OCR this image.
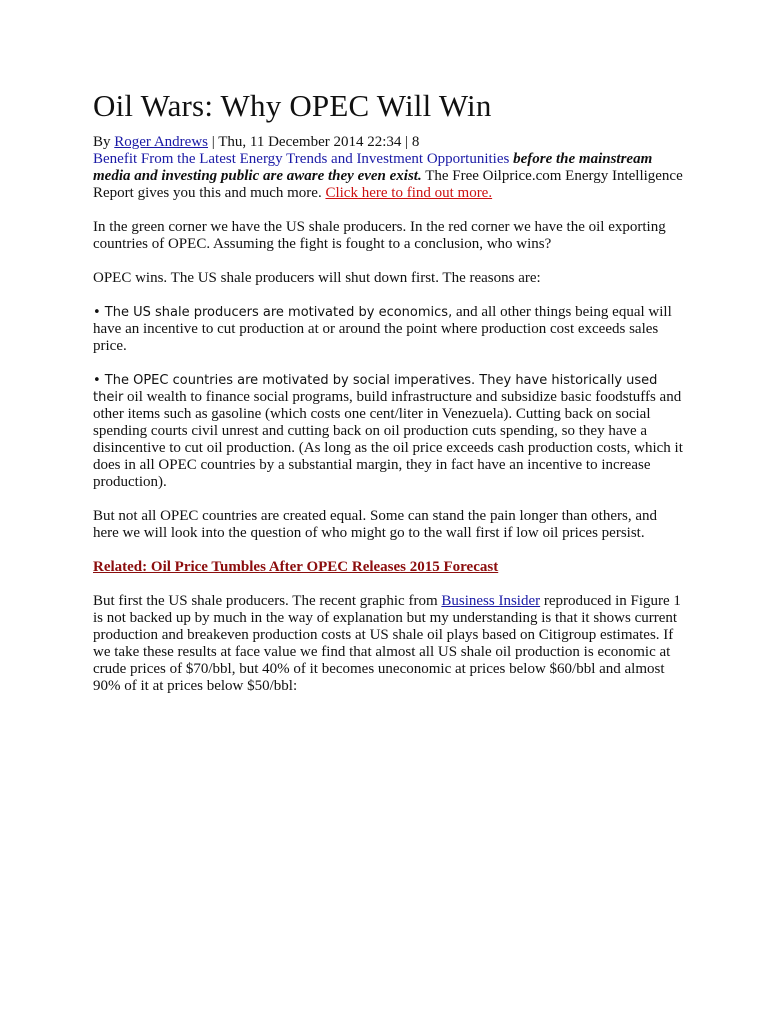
Oil Wars: Why OPEC Will Win
By Roger Andrews | Thu, 11 December 2014 22:34 | 8
Benefit From the Latest Energy Trends and Investment Opportunities before the mainstream media and investing public are aware they even exist. The Free Oilprice.com Energy Intelligence Report gives you this and much more. Click here to find out more.

In the green corner we have the US shale producers. In the red corner we have the oil exporting countries of OPEC. Assuming the fight is fought to a conclusion, who wins?

OPEC wins. The US shale producers will shut down first. The reasons are:

• The US shale producers are motivated by economics, and all other things being equal will have an incentive to cut production at or around the point where production cost exceeds sales price.

• The OPEC countries are motivated by social imperatives. They have historically used their oil wealth to finance social programs, build infrastructure and subsidize basic foodstuffs and other items such as gasoline (which costs one cent/liter in Venezuela). Cutting back on social spending courts civil unrest and cutting back on oil production cuts spending, so they have a disincentive to cut oil production. (As long as the oil price exceeds cash production costs, which it does in all OPEC countries by a substantial margin, they in fact have an incentive to increase production).

But not all OPEC countries are created equal. Some can stand the pain longer than others, and here we will look into the question of who might go to the wall first if low oil prices persist.

Related: Oil Price Tumbles After OPEC Releases 2015 Forecast

But first the US shale producers. The recent graphic from Business Insider reproduced in Figure 1 is not backed up by much in the way of explanation but my understanding is that it shows current production and breakeven production costs at US shale oil plays based on Citigroup estimates. If we take these results at face value we find that almost all US shale oil production is economic at crude prices of $70/bbl, but 40% of it becomes uneconomic at prices below $60/bbl and almost 90% of it at prices below $50/bbl:
